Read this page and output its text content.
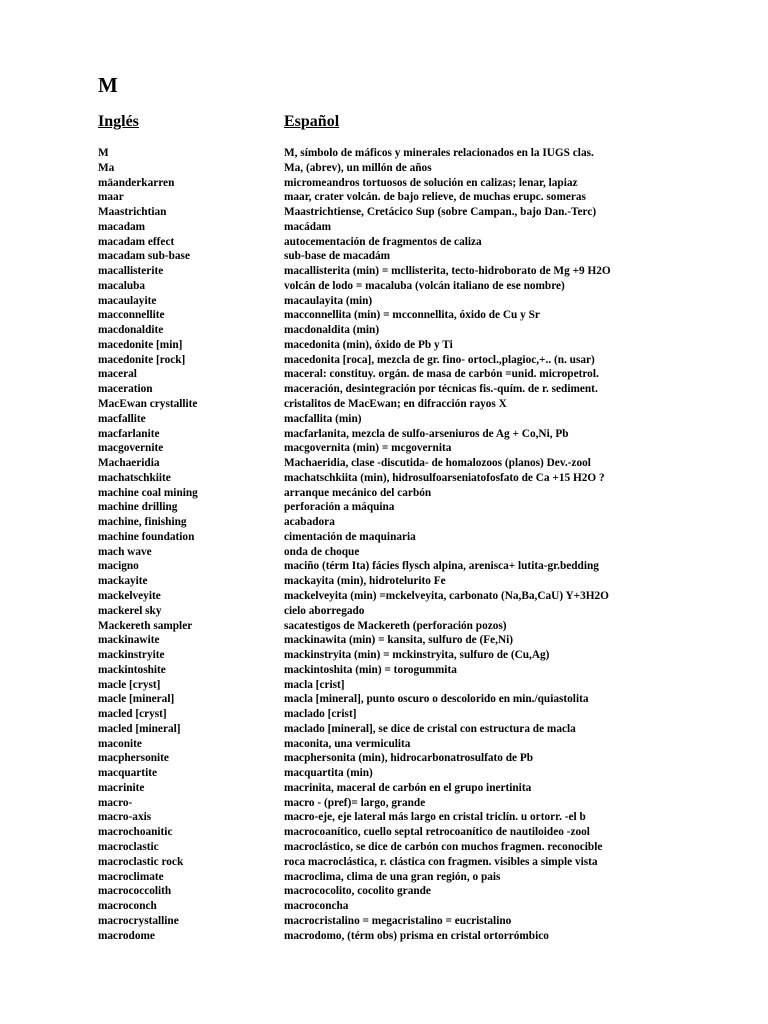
M
Inglés	Español
M	M, símbolo de máficos y minerales relacionados en la IUGS clas.
Ma	Ma, (abrev), un millón de años
mäanderkarren	micromeandros tortuosos de solución en calizas; lenar, lapiaz
maar	maar, crater volcán. de bajo relieve, de muchas erupc. someras
Maastrichtian	Maastrichtiense, Cretácico Sup (sobre Campan., bajo Dan.-Terc)
macadam	macádam
macadam effect	autocementación de fragmentos de caliza
macadam sub-base	sub-base de macadám
macallisterite	macallisterita (min) = mcllisterita, tecto-hidroborato de Mg +9 H2O
macaluba	volcán de lodo = macaluba (volcán italiano de ese nombre)
macaulayite	macaulayita (min)
macconnellite	macconnellita (min) = mcconnellita, óxido de Cu y Sr
macdonaldite	macdonaldita (min)
macedonite [min]	macedonita (min), óxido de Pb y Ti
macedonite [rock]	macedonita [roca], mezcla de gr. fino- ortocl.,plagioc,+.. (n. usar)
maceral	maceral: constituy. orgán. de masa de carbón =unid. micropetrol.
maceration	maceración, desintegración por técnicas fis.-quím. de r. sediment.
MacEwan crystallite	cristalitos de MacEwan; en difracción rayos X
macfallite	macfallita (min)
macfarlanite	macfarlanita, mezcla de sulfo-arseniuros de Ag + Co,Ni, Pb
macgovernite	macgovernita (min) = mcgovernita
Machaeridia	Machaeridia, clase -discutida- de homalozoos (planos) Dev.-zool
machatschkiite	machatschkiita (min), hidrosulfoarseniatofosfato de Ca +15 H2O ?
machine coal mining	arranque mecánico del carbón
machine drilling	perforación a máquina
machine, finishing	acabadora
machine foundation	cimentación de maquinaria
mach wave	onda de choque
macigno	maciño (térm Ita) fácies flysch alpina, arenisca+ lutita-gr.bedding
mackayite	mackayita (min), hidrotelurito Fe
mackelveyite	mackelveyita (min) =mckelveyita, carbonato (Na,Ba,CaU) Y+3H2O
mackerel sky	cielo aborregado
Mackereth sampler	sacatestigos de Mackereth (perforación pozos)
mackinawite	mackinawita (min) = kansita, sulfuro de (Fe,Ni)
mackinstryite	mackinstryita (min) = mckinstryita, sulfuro de (Cu,Ag)
mackintoshite	mackintoshita (min) = torogummita
macle [cryst]	macla [crist]
macle [mineral]	macla [mineral], punto oscuro o descolorido en min./quiastolita
macled [cryst]	maclado [crist]
macled [mineral]	maclado [mineral], se dice de cristal con estructura de macla
maconite	maconita, una vermiculita
macphersonite	macphersonita (min), hidrocarbonatrosulfato de Pb
macquartite	macquartita (min)
macrinite	macrinita, maceral de carbón en el grupo inertinita
macro-	macro - (pref)= largo, grande
macro-axis	macro-eje, eje lateral más largo en cristal triclín. u ortorr. -el b
macrochoanitic	macrocoanítico, cuello septal retrocoanítico de nautiloideo -zool
macroclastic	macroclástico, se dice de carbón con muchos fragmen. reconocible
macroclastic rock	roca macroclástica, r. clástica con fragmen. visibles a simple vista
macroclimate	macroclima, clima de una gran región, o pais
macrococcolith	macrococolito, cocolito grande
macroconch	macroconcha
macrocrystalline	macrocristalino = megacristalino = eucristalino
macrodome	macrodomo, (térm obs) prisma en cristal ortorrómbico
